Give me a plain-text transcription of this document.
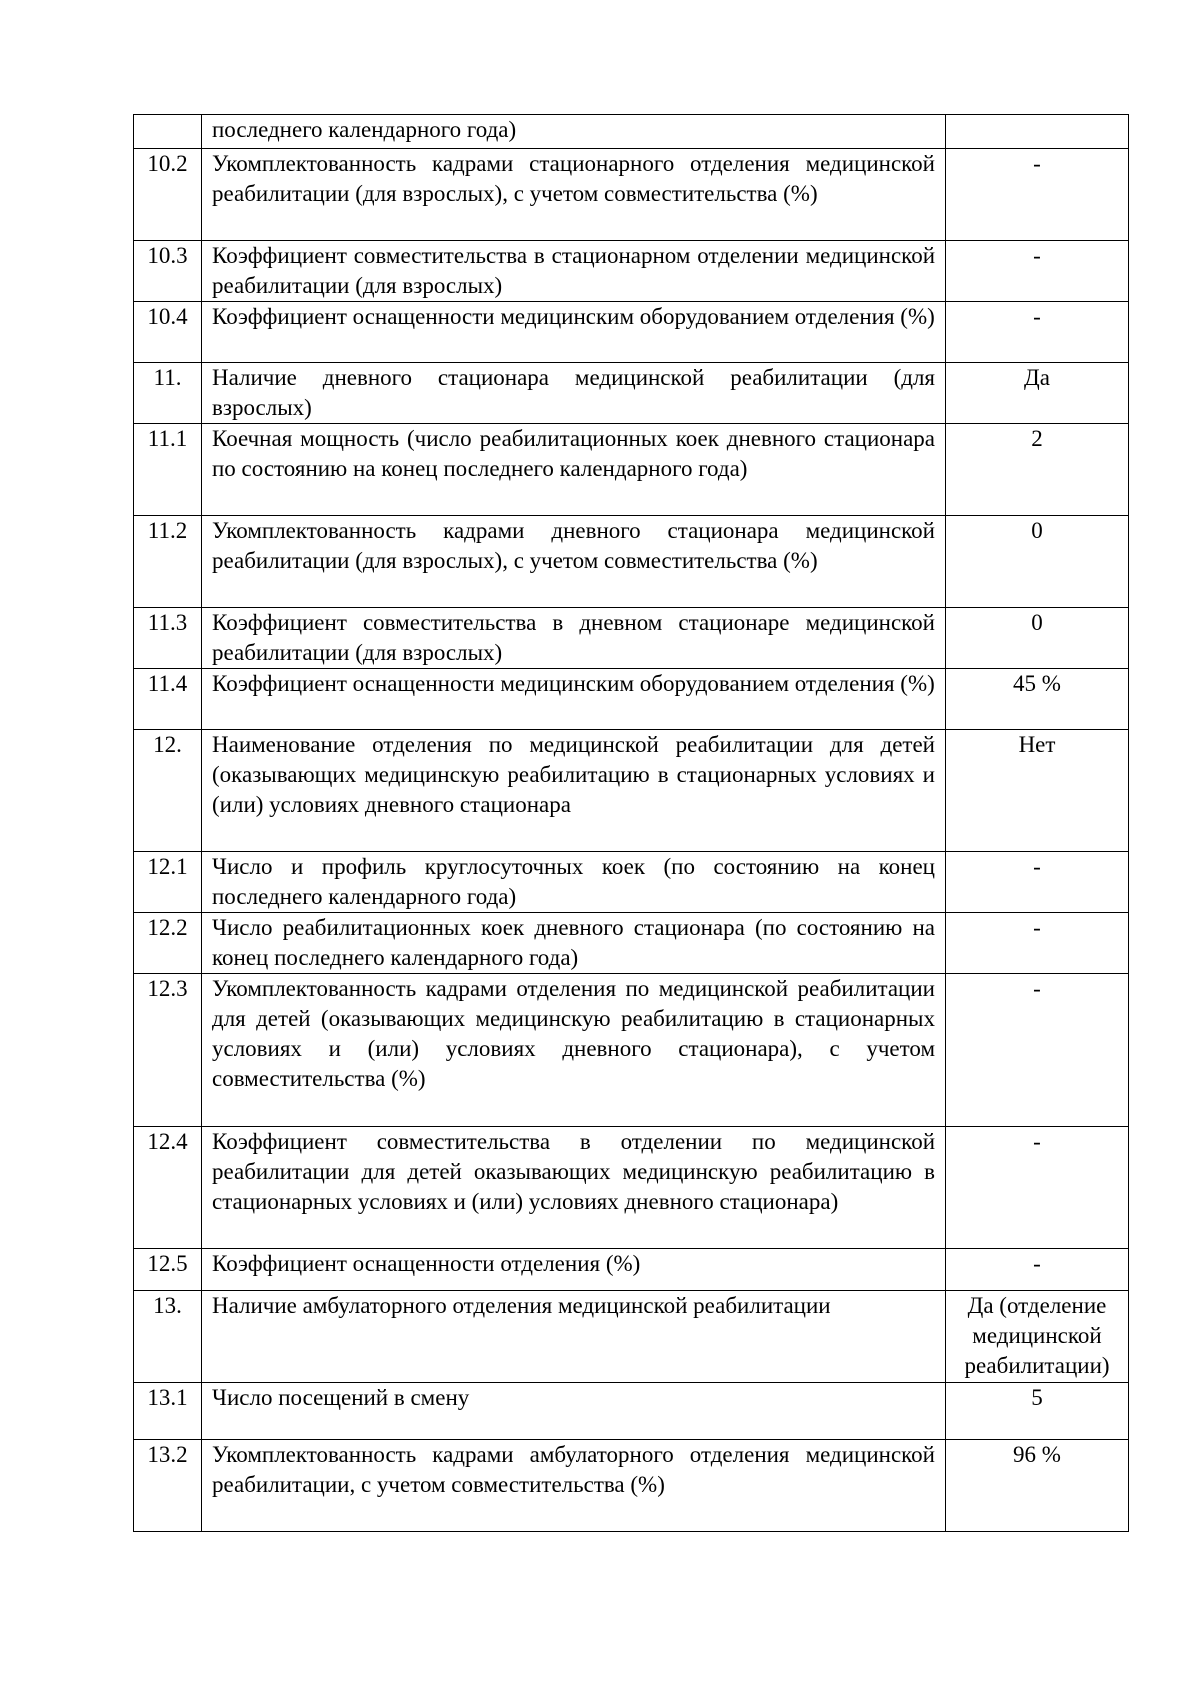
	последнего календарного года)	
10.2	Укомплектованность кадрами стационарного отделения медицинской реабилитации (для взрослых), с учетом совместительства (%)	-
10.3	Коэффициент совместительства в стационарном отделении медицинской реабилитации (для взрослых)	-
10.4	Коэффициент оснащенности медицинским оборудованием отделения (%)	-
11.	Наличие дневного стационара медицинской реабилитации (для взрослых)	Да
11.1	Коечная мощность (число реабилитационных коек дневного стационара по состоянию на конец последнего календарного года)	2
11.2	Укомплектованность кадрами дневного стационара медицинской реабилитации (для взрослых), с учетом совместительства (%)	0
11.3	Коэффициент совместительства в дневном стационаре медицинской реабилитации (для взрослых)	0
11.4	Коэффициент оснащенности медицинским оборудованием отделения (%)	45 %
12.	Наименование отделения по медицинской реабилитации для детей (оказывающих медицинскую реабилитацию в стационарных условиях и (или) условиях дневного стационара	Нет
12.1	Число и профиль круглосуточных коек (по состоянию на конец последнего календарного года)	-
12.2	Число реабилитационных коек дневного стационара (по состоянию на конец последнего календарного года)	-
12.3	Укомплектованность кадрами отделения по медицинской реабилитации для детей (оказывающих медицинскую реабилитацию в стационарных условиях и (или) условиях дневного стационара), с учетом совместительства (%)	-
12.4	Коэффициент совместительства в отделении по медицинской реабилитации для детей оказывающих медицинскую реабилитацию в стационарных условиях и (или) условиях дневного стационара)	-
12.5	Коэффициент оснащенности отделения (%)	-
13.	Наличие амбулаторного отделения медицинской реабилитации	Да (отделение медицинской реабилитации)
13.1	Число посещений в смену	5
13.2	Укомплектованность кадрами амбулаторного отделения медицинской реабилитации, с учетом совместительства (%)	96 %
